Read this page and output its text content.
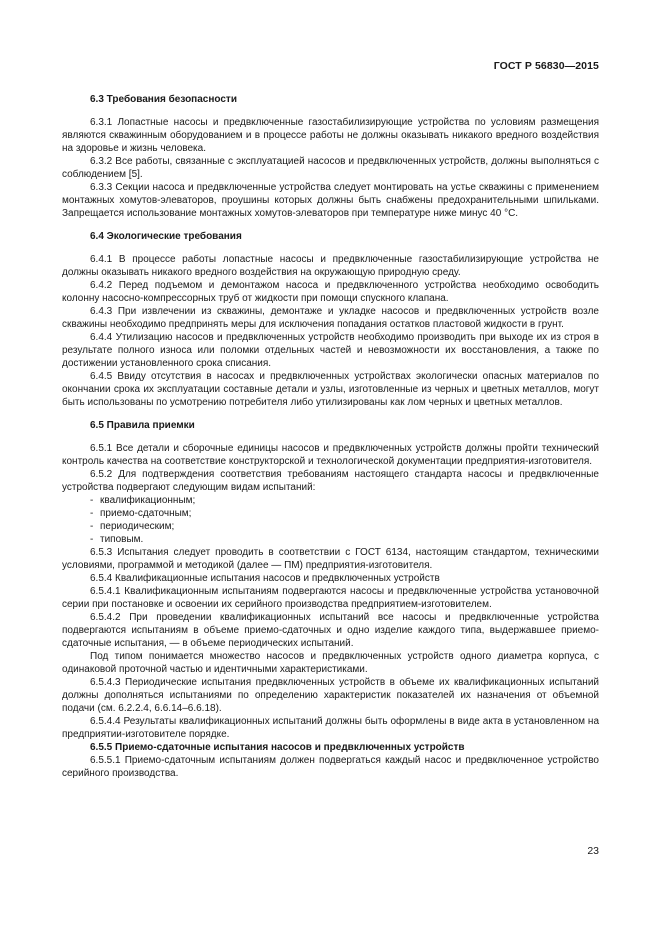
ГОСТ Р 56830—2015

6.3 Требования безопасности

6.3.1 Лопастные насосы и предвключенные газостабилизирующие устройства по условиям размещения являются скважинным оборудованием и в процессе работы не должны оказывать никакого вредного воздействия на здоровье и жизнь человека.

6.3.2 Все работы, связанные с эксплуатацией насосов и предвключенных устройств, должны выполняться с соблюдением [5].

6.3.3 Секции насоса и предвключенные устройства следует монтировать на устье скважины с применением монтажных хомутов-элеваторов, проушины которых должны быть снабжены предохранительными шпильками. Запрещается использование монтажных хомутов-элеваторов при температуре ниже минус 40 °С.

6.4 Экологические требования

6.4.1 В процессе работы лопастные насосы и предвключенные газостабилизирующие устройства не должны оказывать никакого вредного воздействия на окружающую природную среду.

6.4.2 Перед подъемом и демонтажом насоса и предвключенного устройства необходимо освободить колонну насосно-компрессорных труб от жидкости при помощи спускного клапана.

6.4.3 При извлечении из скважины, демонтаже и укладке насосов и предвключенных устройств возле скважины необходимо предпринять меры для исключения попадания остатков пластовой жидкости в грунт.

6.4.4 Утилизацию насосов и предвключенных устройств необходимо производить при выходе их из строя в результате полного износа или поломки отдельных частей и невозможности их восстановления, а также по достижении установленного срока списания.

6.4.5 Ввиду отсутствия в насосах и предвключенных устройствах экологически опасных материалов по окончании срока их эксплуатации составные детали и узлы, изготовленные из черных и цветных металлов, могут быть использованы по усмотрению потребителя либо утилизированы как лом черных и цветных металлов.

6.5 Правила приемки

6.5.1 Все детали и сборочные единицы насосов и предвключенных устройств должны пройти технический контроль качества на соответствие конструкторской и технологической документации предприятия-изготовителя.

6.5.2 Для подтверждения соответствия требованиям настоящего стандарта насосы и предвключенные устройства подвергают следующим видам испытаний:

- квалификационным;
- приемо-сдаточным;
- периодическим;
- типовым.

6.5.3 Испытания следует проводить в соответствии с ГОСТ 6134, настоящим стандартом, техническими условиями, программой и методикой (далее — ПМ) предприятия-изготовителя.

6.5.4 Квалификационные испытания насосов и предвключенных устройств

6.5.4.1 Квалификационным испытаниям подвергаются насосы и предвключенные устройства установочной серии при постановке и освоении их серийного производства предприятием-изготовителем.

6.5.4.2 При проведении квалификационных испытаний все насосы и предвключенные устройства подвергаются испытаниям в объеме приемо-сдаточных и одно изделие каждого типа, выдержавшее приемо-сдаточные испытания, — в объеме периодических испытаний.

Под типом понимается множество насосов и предвключенных устройств одного диаметра корпуса, с одинаковой проточной частью и идентичными характеристиками.

6.5.4.3 Периодические испытания предвключенных устройств в объеме их квалификационных испытаний должны дополняться испытаниями по определению характеристик показателей их назначения от объемной подачи (см. 6.2.2.4, 6.6.14–6.6.18).

6.5.4.4 Результаты квалификационных испытаний должны быть оформлены в виде акта в установленном на предприятии-изготовителе порядке.

6.5.5 Приемо-сдаточные испытания насосов и предвключенных устройств

6.5.5.1 Приемо-сдаточным испытаниям должен подвергаться каждый насос и предвключенное устройство серийного производства.

23
